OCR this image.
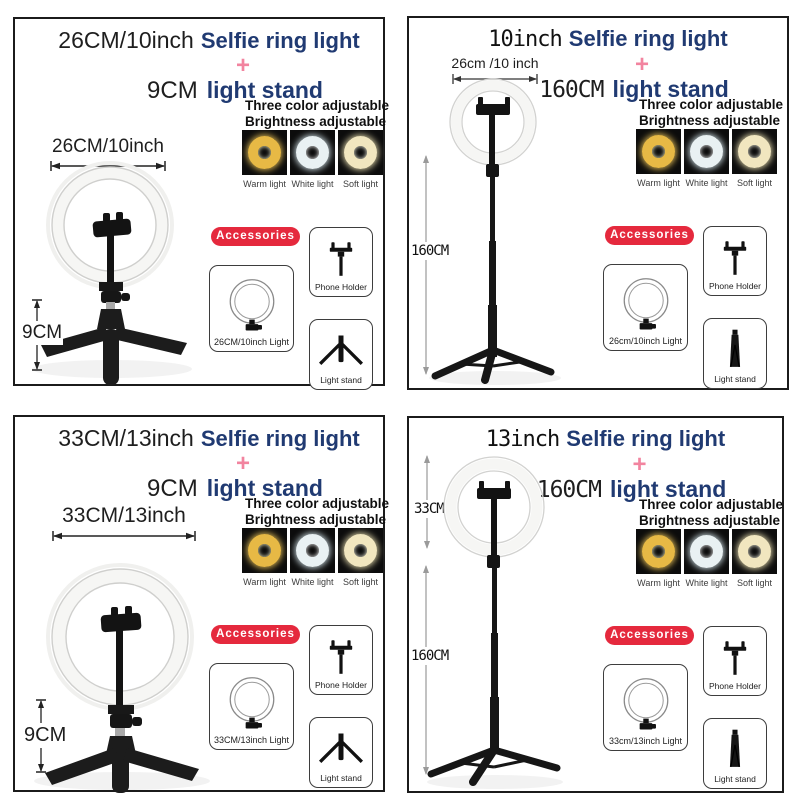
26CM/10inch Selfie ring light
+
9CM light stand
Three color adjustable
Brightness adjustable
Warm light White light Soft light
26CM/10inch
9CM
Accessories
26CM/10inch Light
Phone Holder
Light stand
10inch Selfie ring light
+
160CM light stand
Three color adjustable
Brightness adjustable
Warm light White light Soft light
26cm /10 inch
160CM
Accessories
26cm/10inch Light
Phone Holder
Light stand
33CM/13inch Selfie ring light
+
9CM light stand
Three color adjustable
Brightness adjustable
Warm light White light Soft light
33CM/13inch
9CM
Accessories
33CM/13inch Light
Phone Holder
Light stand
13inch Selfie ring light
+
160CM light stand
Three color adjustable
Brightness adjustable
Warm light White light Soft light
33CM
160CM
Accessories
33cm/13inch Light
Phone Holder
Light stand
